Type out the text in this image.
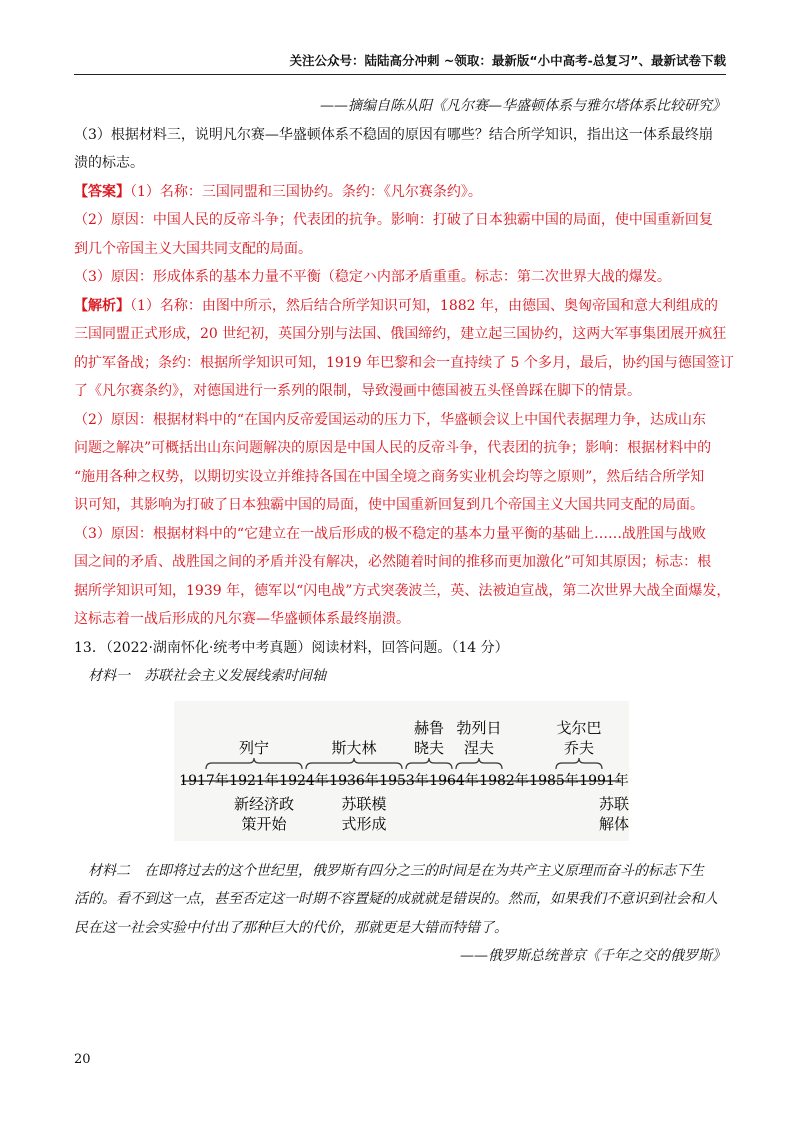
关注公众号：陆陆高分冲刺 ~领取：最新版“小中高考-总复习”、最新试卷下载
——摘编自陈从阳《凡尔赛—华盛顿体系与雅尔塔体系比较研究》
（3）根据材料三，说明凡尔赛—华盛顿体系不稳固的原因有哪些？结合所学知识，指出这一体系最终崩
溃的标志。
【答案】（1）名称：三国同盟和三国协约。条约：《凡尔赛条约》。
（2）原因：中国人民的反帝斗争；代表团的抗争。影响：打破了日本独霸中国的局面，使中国重新回复
到几个帝国主义大国共同支配的局面。
（3）原因：形成体系的基本力量不平衡（稳定ハ内部矛盾重重。标志：第二次世界大战的爆发。
【解析】（1）名称：由图中所示，然后结合所学知识可知，1882 年，由德国、奥匈帝国和意大利组成的
三国同盟正式形成，20 世纪初，英国分别与法国、俄国缔约，建立起三国协约，这两大军事集团展开疯狂
的扩军备战；条约：根据所学知识可知，1919 年巴黎和会一直持续了 5 个多月，最后，协约国与德国签订
了《凡尔赛条约》，对德国进行一系列的限制，导致漫画中德国被五头怪兽踩在脚下的情景。
（2）原因：根据材料中的“在国内反帝爱国运动的压力下，华盛顿会议上中国代表据理力争，达成山东
问题之解决”可概括出山东问题解决的原因是中国人民的反帝斗争，代表团的抗争；影响：根据材料中的
“施用各种之权势，以期切实设立并维持各国在中国全境之商务实业机会均等之原则”，然后结合所学知
识可知，其影响为打破了日本独霸中国的局面，使中国重新回复到几个帝国主义大国共同支配的局面。
（3）原因：根据材料中的“它建立在一战后形成的极不稳定的基本力量平衡的基础上……战胜国与战败
国之间的矛盾、战胜国之间的矛盾并没有解决，必然随着时间的推移而更加激化”可知其原因；标志：根
据所学知识可知，1939 年，德军以“闪电战”方式突袭波兰，英、法被迫宣战，第二次世界大战全面爆发，
这标志着一战后形成的凡尔赛—华盛顿体系最终崩溃。
13．（2022·湖南怀化·统考中考真题）阅读材料，回答问题。（14 分）
材料一　苏联社会主义发展线索时间轴
1917年 1921年 1924年 1936年 1953年 1964年 1982年 1985年 1991年
列宁	斯大林
赫鲁
晓夫
勃列日
涅夫
戈尔巴
乔夫
新经济政
策开始
苏联模
式形成
苏联
解体
材料二　在即将过去的这个世纪里，俄罗斯有四分之三的时间是在为共产主义原理而奋斗的标志下生
活的。看不到这一点，甚至否定这一时期不容置疑的成就就是错误的。然而，如果我们不意识到社会和人
民在这一社会实验中付出了那种巨大的代价，那就更是大错而特错了。
——俄罗斯总统普京《千年之交的俄罗斯》
20
